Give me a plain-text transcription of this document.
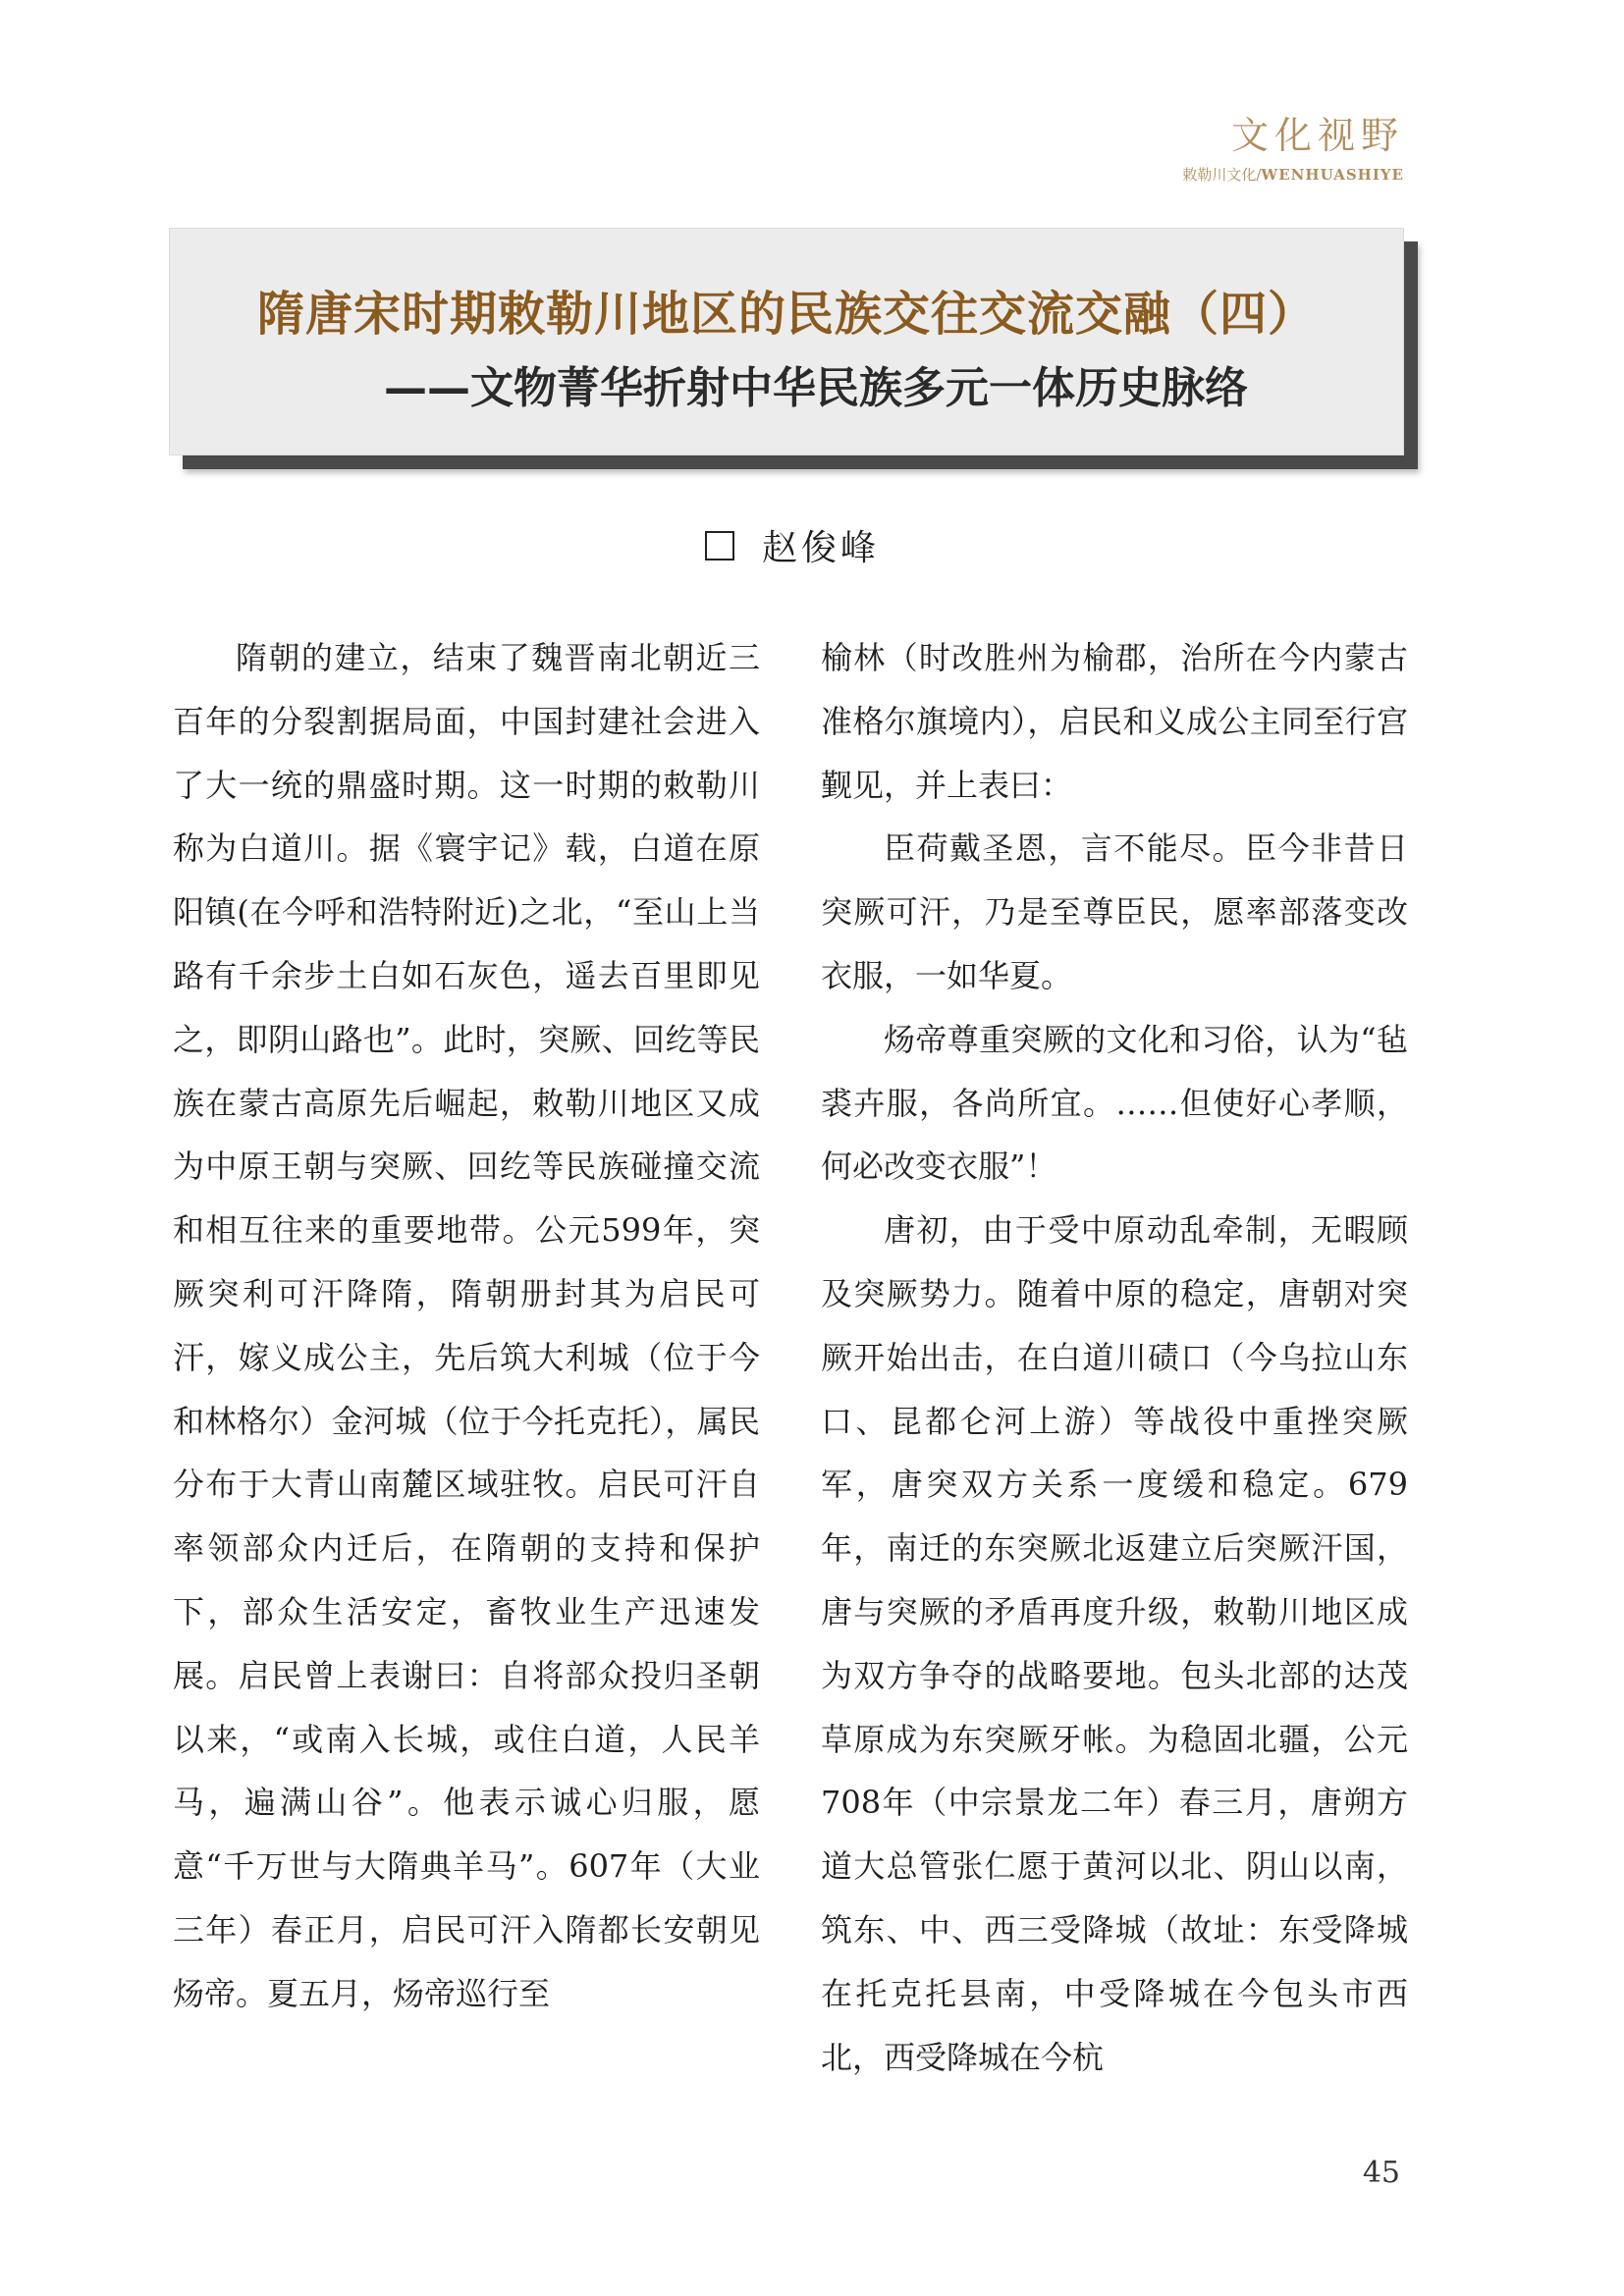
文化视野
敕勒川文化/WENHUASHIYE
隋唐宋时期敕勒川地区的民族交往交流交融（四）
——文物菁华折射中华民族多元一体历史脉络
赵俊峰

隋朝的建立，结束了魏晋南北朝近三百年的分裂割据局面，中国封建社会进入了大一统的鼎盛时期。这一时期的敕勒川称为白道川。据《寰宇记》载，白道在原阳镇(在今呼和浩特附近)之北，“至山上当路有千余步土白如石灰色，遥去百里即见之，即阴山路也”。此时，突厥、回纥等民族在蒙古高原先后崛起，敕勒川地区又成为中原王朝与突厥、回纥等民族碰撞交流和相互往来的重要地带。公元599年，突厥突利可汗降隋，隋朝册封其为启民可汗，嫁义成公主，先后筑大利城（位于今和林格尔）金河城（位于今托克托），属民分布于大青山南麓区域驻牧。启民可汗自率领部众内迁后，在隋朝的支持和保护下，部众生活安定，畜牧业生产迅速发展。启民曾上表谢曰：自将部众投归圣朝以来，“或南入长城，或住白道，人民羊马，遍满山谷”。他表示诚心归服，愿意“千万世与大隋典羊马”。607年（大业三年）春正月，启民可汗入隋都长安朝见炀帝。夏五月，炀帝巡行至

榆林（时改胜州为榆郡，治所在今内蒙古准格尔旗境内），启民和义成公主同至行宫觐见，并上表曰：

臣荷戴圣恩，言不能尽。臣今非昔日突厥可汗，乃是至尊臣民，愿率部落变改衣服，一如华夏。

炀帝尊重突厥的文化和习俗，认为“毡裘卉服，各尚所宜。……但使好心孝顺，何必改变衣服”！

唐初，由于受中原动乱牵制，无暇顾及突厥势力。随着中原的稳定，唐朝对突厥开始出击，在白道川碛口（今乌拉山东口、昆都仑河上游）等战役中重挫突厥军，唐突双方关系一度缓和稳定。679年，南迁的东突厥北返建立后突厥汗国，唐与突厥的矛盾再度升级，敕勒川地区成为双方争夺的战略要地。包头北部的达茂草原成为东突厥牙帐。为稳固北疆，公元708年（中宗景龙二年）春三月，唐朔方道大总管张仁愿于黄河以北、阴山以南，筑东、中、西三受降城（故址：东受降城在托克托县南，中受降城在今包头市西北，西受降城在今杭

45
